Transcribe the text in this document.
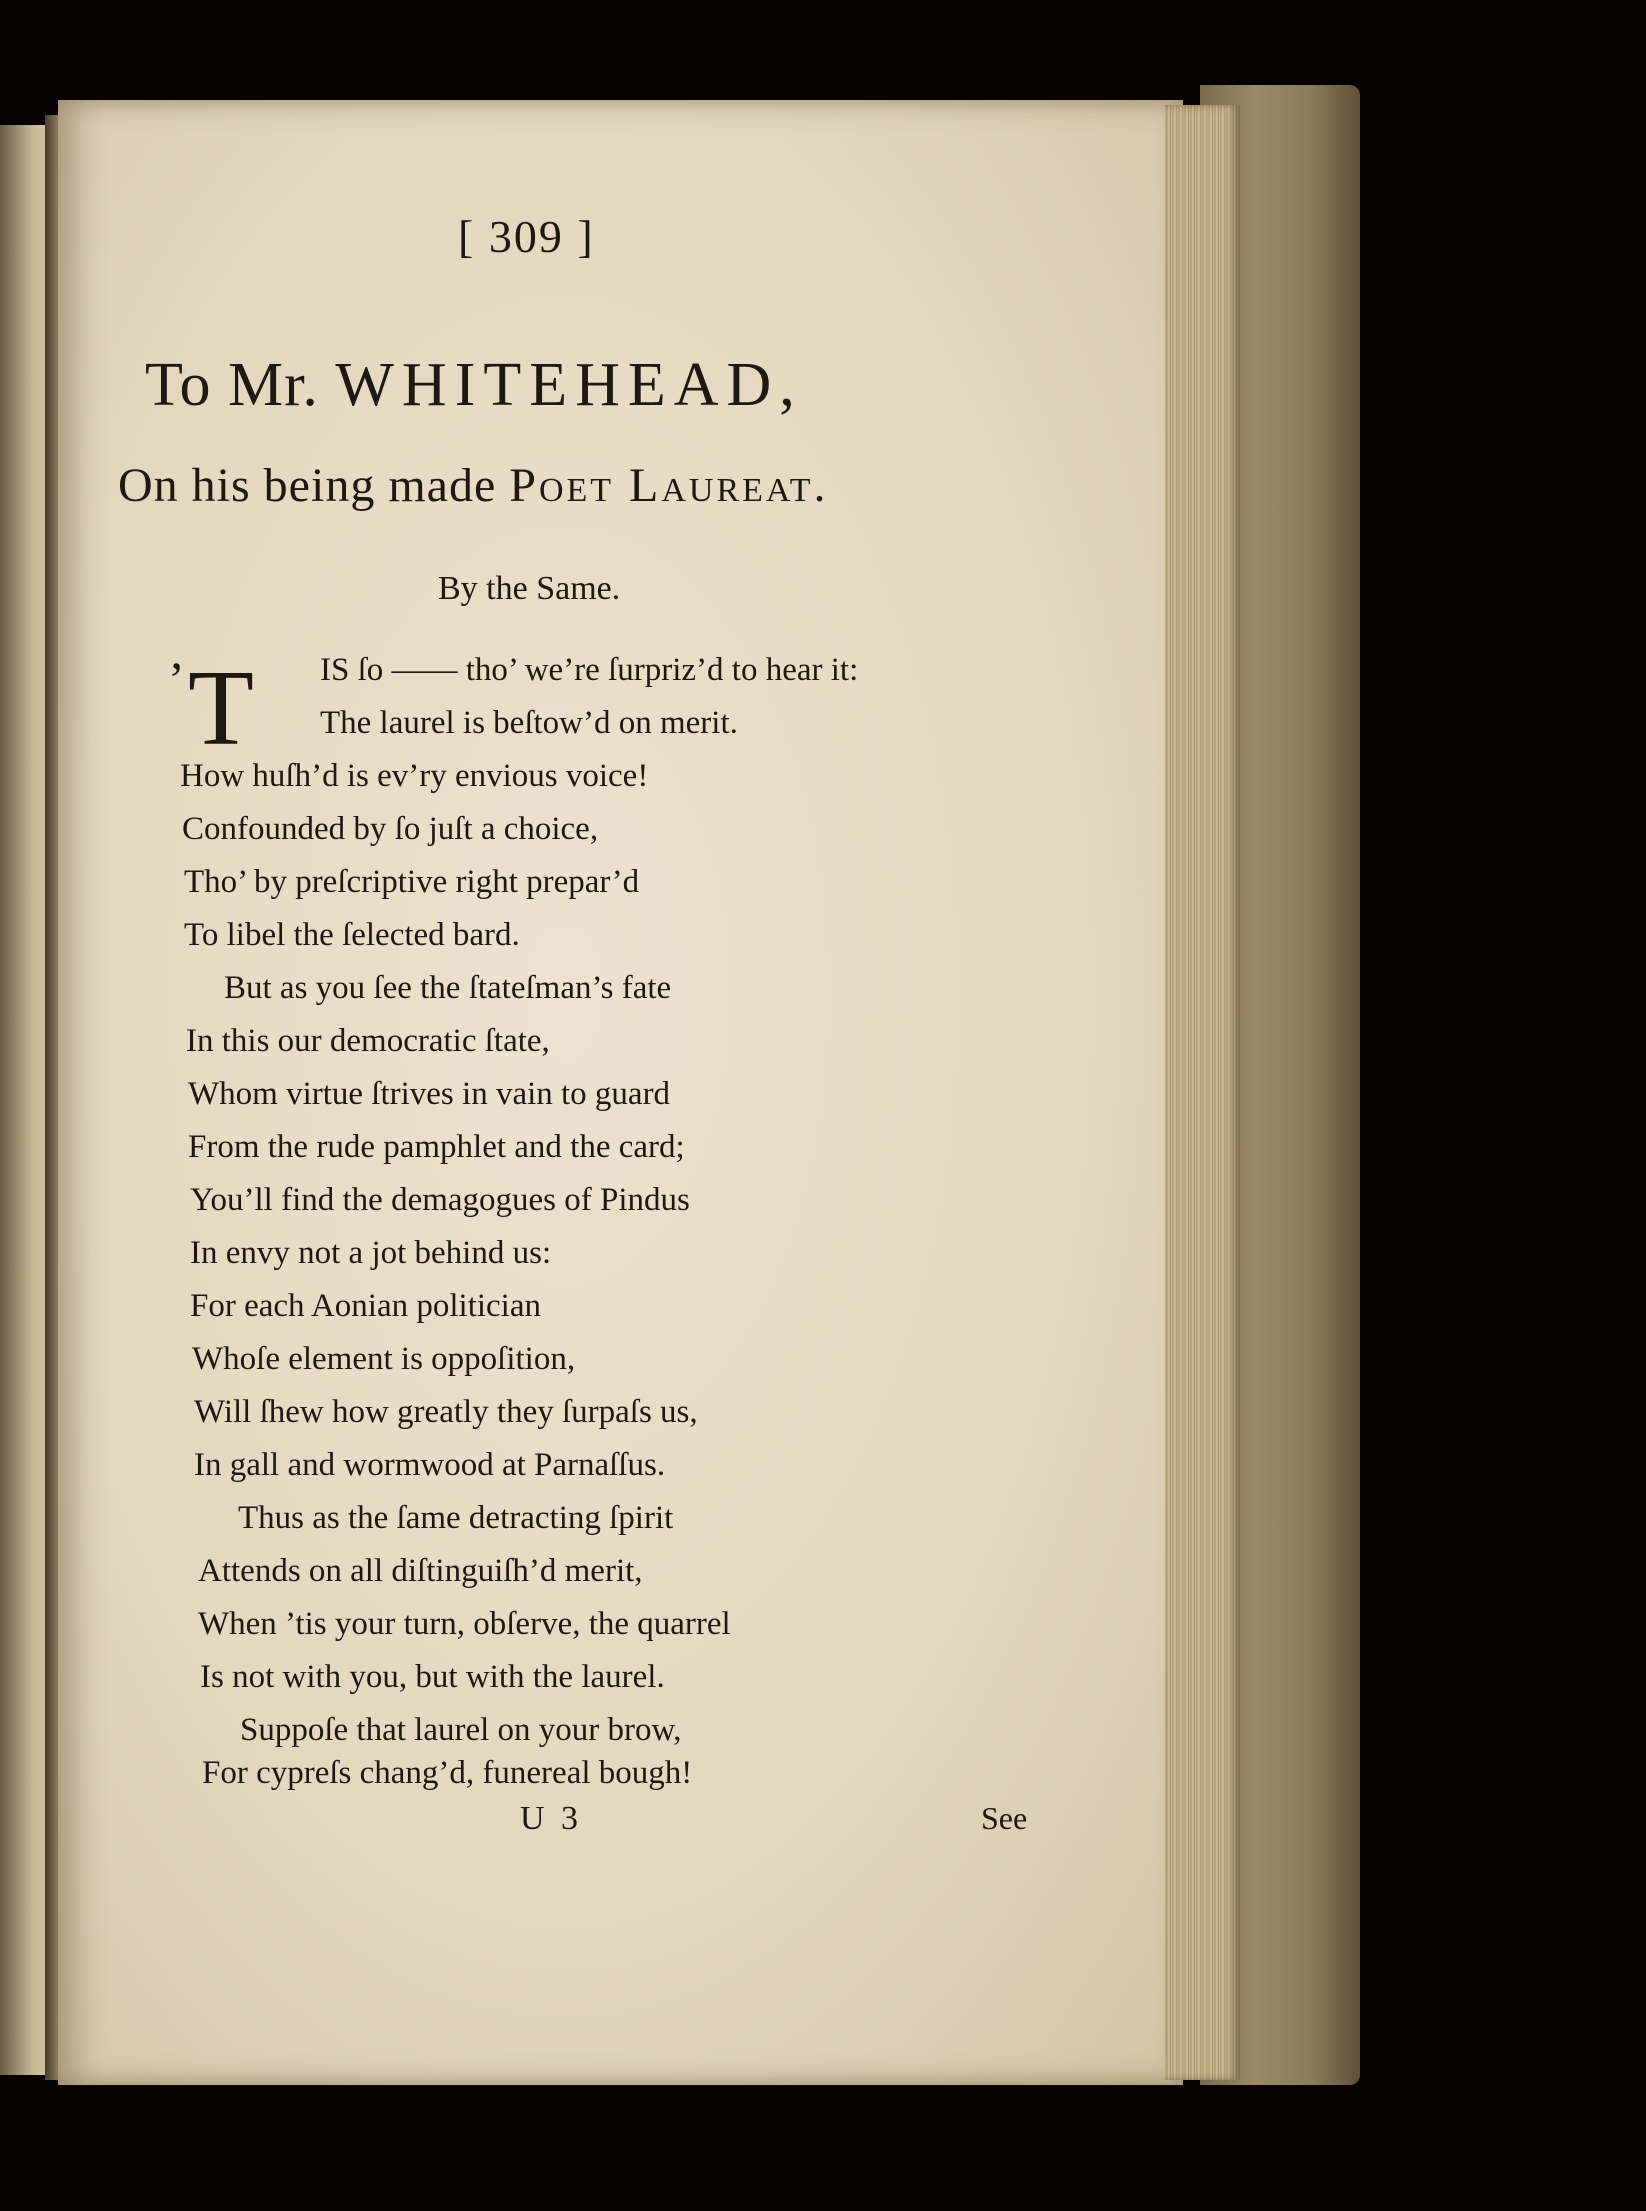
[ 309 ]
To Mr. WHITEHEAD,
On his being made Poet Laureat.
By the Same.
’ T IS ſo —— tho’ we’re ſurpriz’d to hear it:
The laurel is beſtow’d on merit.
How huſh’d is ev’ry envious voice!
Confounded by ſo juſt a choice,
Tho’ by preſcriptive right prepar’d
To libel the ſelected bard.
But as you ſee the ſtateſman’s fate
In this our democratic ſtate,
Whom virtue ſtrives in vain to guard
From the rude pamphlet and the card;
You’ll find the demagogues of Pindus
In envy not a jot behind us:
For each Aonian politician
Whoſe element is oppoſition,
Will ſhew how greatly they ſurpaſs us,
In gall and wormwood at Parnaſſus.
Thus as the ſame detracting ſpirit
Attends on all diſtinguiſh’d merit,
When ’tis your turn, obſerve, the quarrel
Is not with you, but with the laurel.
Suppoſe that laurel on your brow,
For cypreſs chang’d, funereal bough!
U 3	See
